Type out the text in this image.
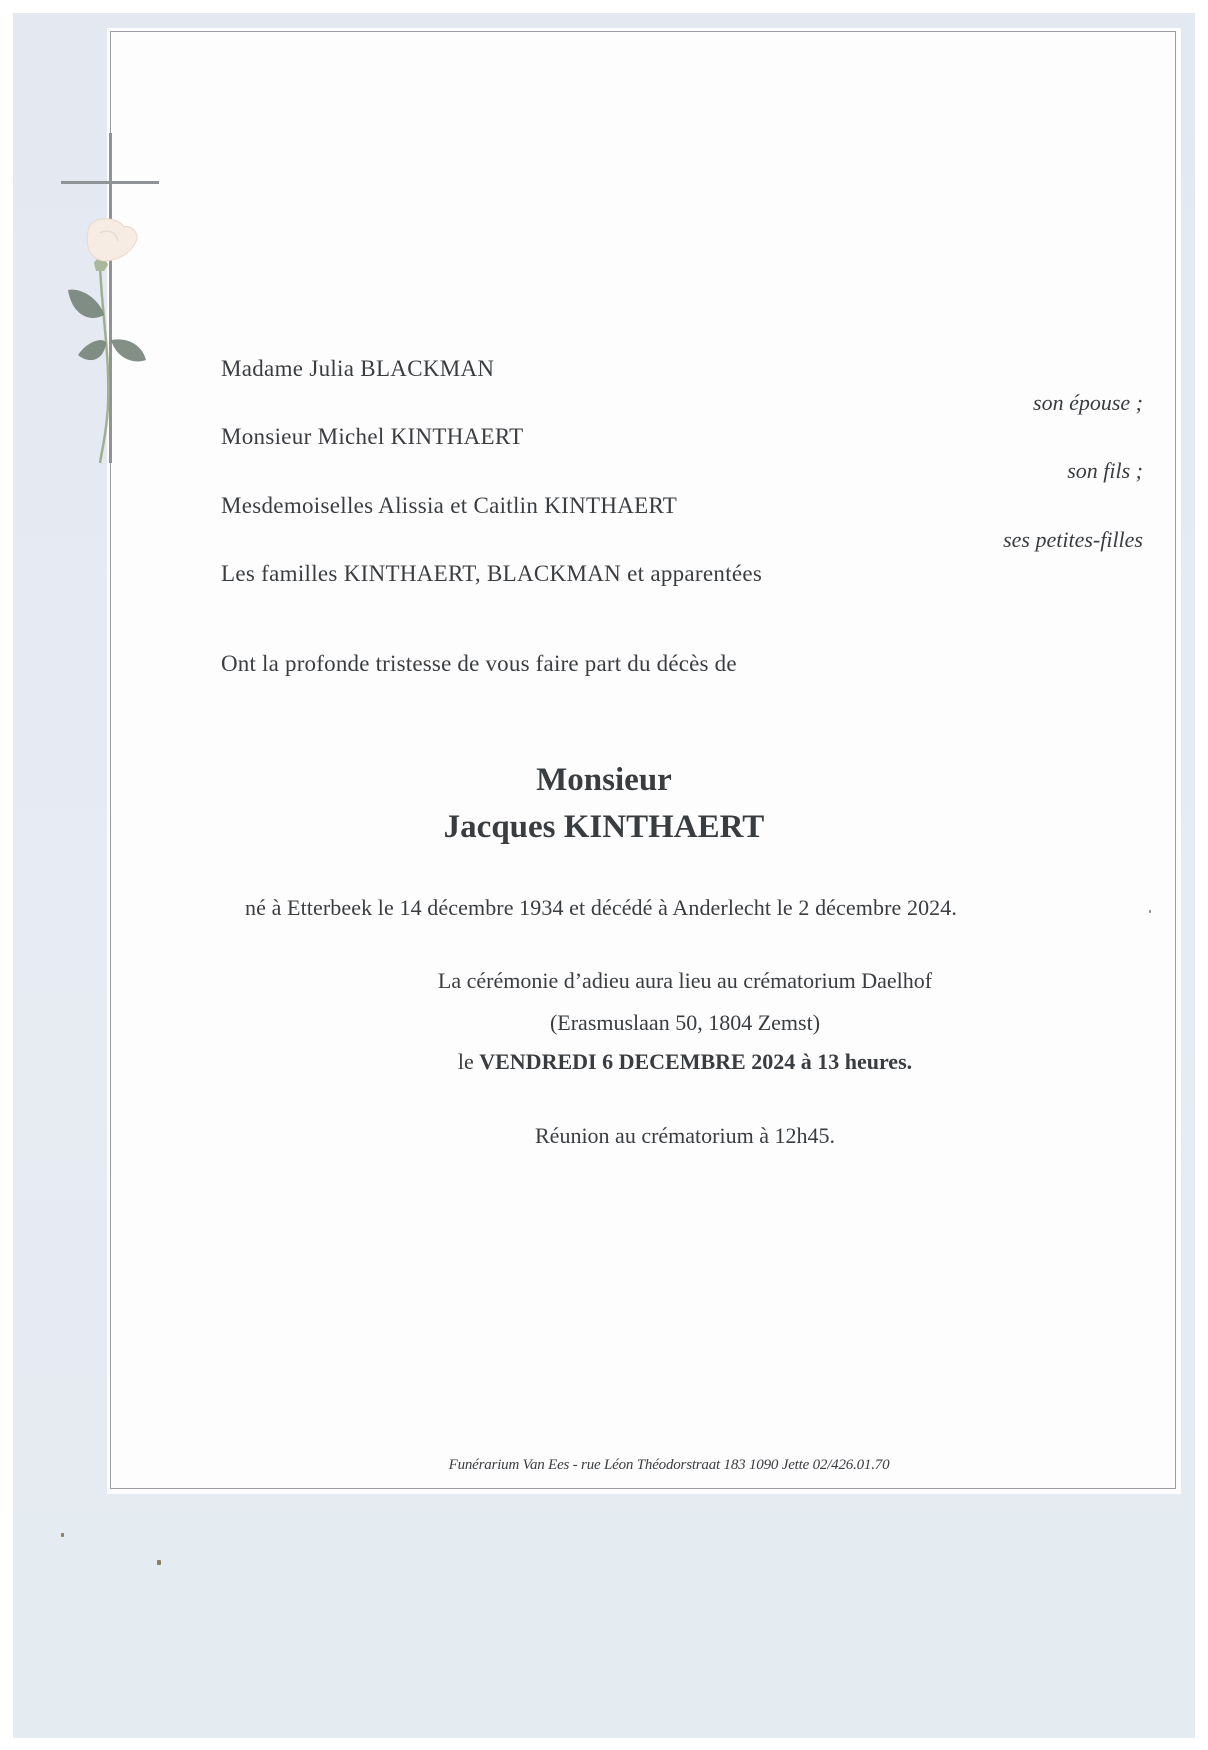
Madame Julia BLACKMAN
son épouse ;
Monsieur Michel KINTHAERT
son fils ;
Mesdemoiselles Alissia et Caitlin KINTHAERT
ses petites-filles
Les familles KINTHAERT, BLACKMAN et apparentées
Ont la profonde tristesse de vous faire part du décès de
Monsieur
Jacques KINTHAERT
né à Etterbeek le 14 décembre 1934 et décédé à Anderlecht le 2 décembre 2024.
La cérémonie d’adieu aura lieu au crématorium Daelhof
(Erasmuslaan 50, 1804 Zemst)
le VENDREDI 6 DECEMBRE 2024 à 13 heures.
Réunion au crématorium à 12h45.
Funérarium Van Ees - rue Léon Théodorstraat 183 1090 Jette 02/426.01.70
